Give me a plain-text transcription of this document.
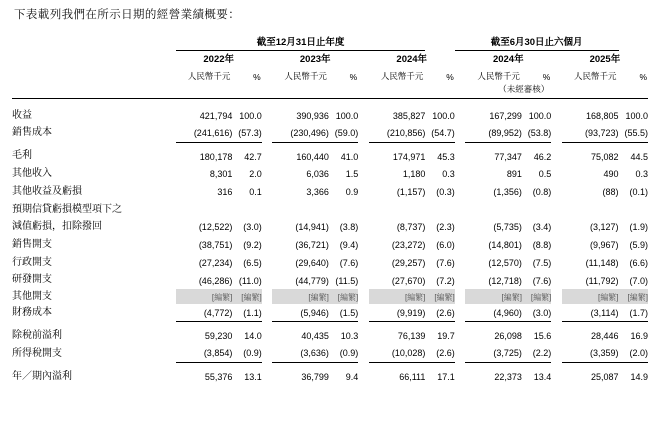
下表載列我們在所示日期的經營業績概要：
		截至12月31日止年度								截至6月30日止六個月					
		2022年			2023年			2024年			2024年			2025年	
		人民幣千元	%		人民幣千元	%		人民幣千元	%		人民幣千元	%		人民幣千元	%
											（未經審核）				

收益		421,794	100.0		390,936	100.0		385,827	100.0		167,299	100.0		168,805	100.0
銷售成本		(241,616)	(57.3)		(230,496)	(59.0)		(210,856)	(54.7)		(89,952)	(53.8)		(93,723)	(55.5)

毛利		180,178	42.7		160,440	41.0		174,971	45.3		77,347	46.2		75,082	44.5
其他收入		8,301	2.0		6,036	1.5		1,180	0.3		891	0.5		490	0.3
其他收益及虧損		316	0.1		3,366	0.9		(1,157)	(0.3)		(1,356)	(0.8)		(88)	(0.1)
預期信貸虧損模型項下之															
減值虧損，扣除撥回		(12,522)	(3.0)		(14,941)	(3.8)		(8,737)	(2.3)		(5,735)	(3.4)		(3,127)	(1.9)
銷售開支		(38,751)	(9.2)		(36,721)	(9.4)		(23,272)	(6.0)		(14,801)	(8.8)		(9,967)	(5.9)
行政開支		(27,234)	(6.5)		(29,640)	(7.6)		(29,257)	(7.6)		(12,570)	(7.5)		(11,148)	(6.6)
研發開支		(46,286)	(11.0)		(44,779)	(11.5)		(27,670)	(7.2)		(12,718)	(7.6)		(11,792)	(7.0)
其他開支		[編繁]	[編繁]		[編繁]	[編繁]		[編繁]	[編繁]		[編繁]	[編繁]		[編繁]	[編繁]
財務成本		(4,772)	(1.1)		(5,946)	(1.5)		(9,919)	(2.6)		(4,960)	(3.0)		(3,114)	(1.7)

除稅前溢利		59,230	14.0		40,435	10.3		76,139	19.7		26,098	15.6		28,446	16.9
所得稅開支		(3,854)	(0.9)		(3,636)	(0.9)		(10,028)	(2.6)		(3,725)	(2.2)		(3,359)	(2.0)

年／期內溢利		55,376	13.1		36,799	9.4		66,111	17.1		22,373	13.4		25,087	14.9
